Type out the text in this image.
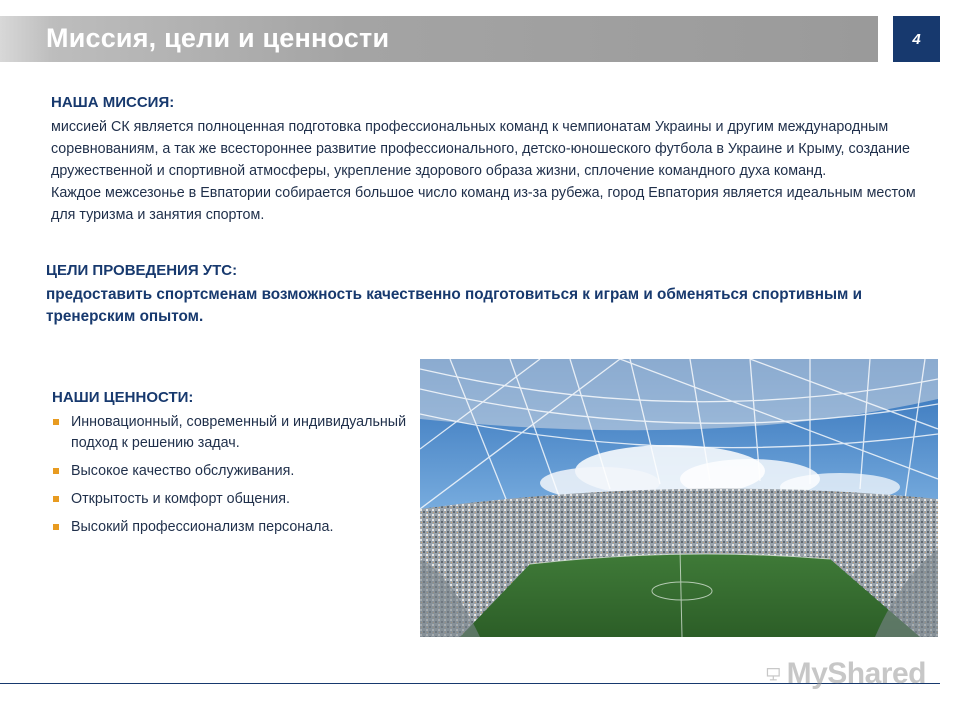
Миссия, цели и ценности	4
НАША МИССИЯ:

миссией СК является полноценная подготовка профессиональных команд к чемпионатам Украины и другим международным соревнованиям, а так же всестороннее развитие профессионального, детско-юношеского футбола в Украине и Крыму, создание дружественной и спортивной атмосферы, укрепление здорового образа жизни, сплочение командного духа команд.

Каждое межсезонье в Евпатории собирается большое число команд из-за рубежа, город Евпатория является идеальным местом для туризма и занятия спортом.

ЦЕЛИ ПРОВЕДЕНИЯ УТС:
предоставить спортсменам возможность качественно подготовиться к играм и обменяться спортивным и тренерским опытом.
НАШИ ЦЕННОСТИ:
Инновационный, современный и индивидуальный подход к решению задач.
Высокое качество обслуживания.
Открытость и комфорт общения.
Высокий профессионализм персонала.
MyShared
